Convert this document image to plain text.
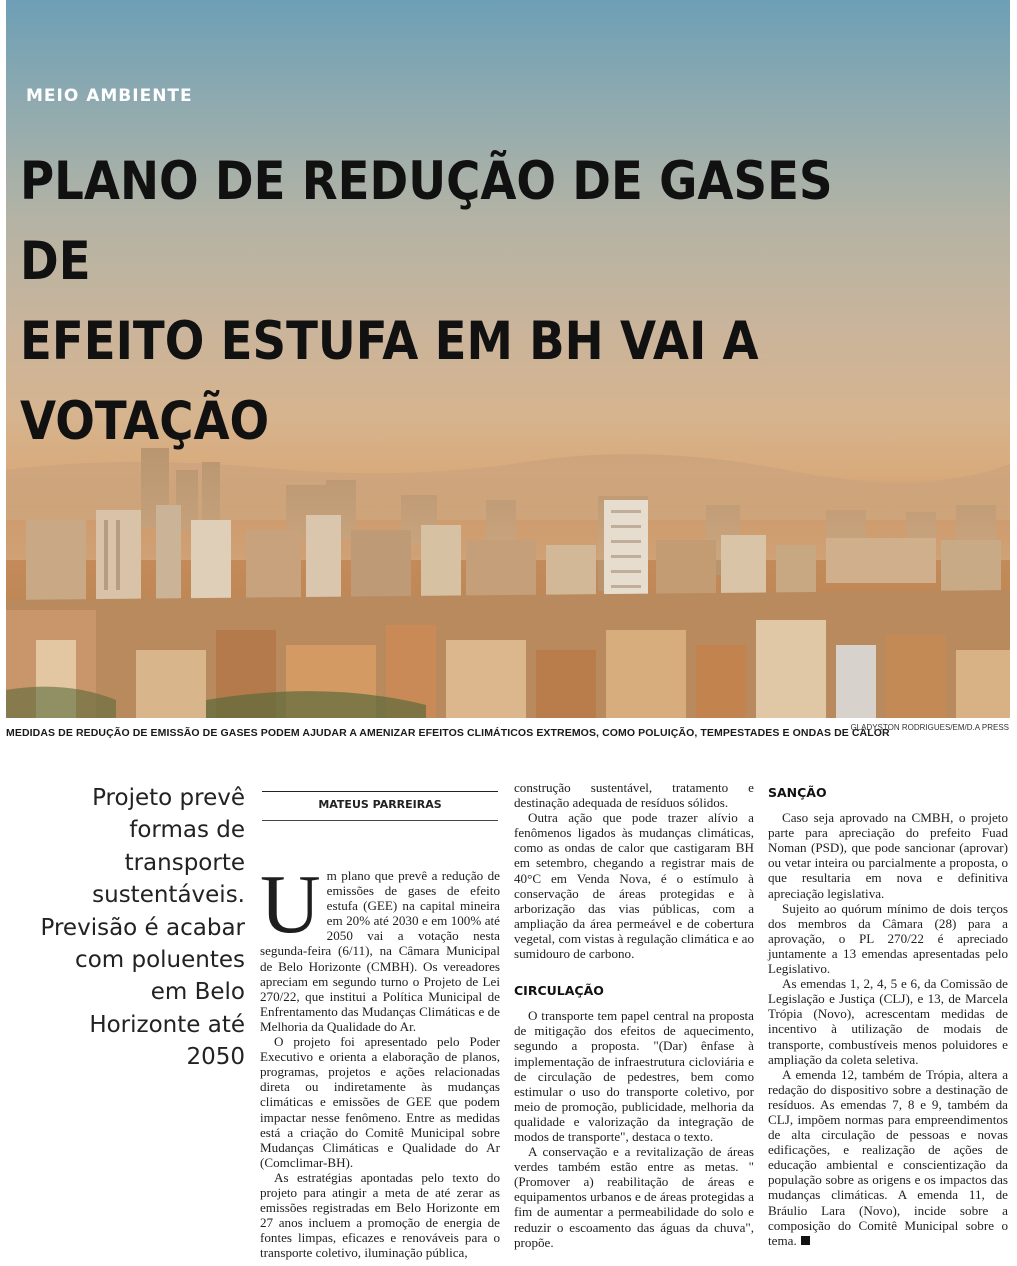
MEIO AMBIENTE
PLANO DE REDUÇÃO DE GASES DE
EFEITO ESTUFA EM BH VAI A VOTAÇÃO
MEDIDAS DE REDUÇÃO DE EMISSÃO DE GASES PODEM AJUDAR A AMENIZAR EFEITOS CLIMÁTICOS EXTREMOS, COMO POLUIÇÃO, TEMPESTADES E ONDAS DE CALOR
GLADYSTON RODRIGUES/EM/D.A PRESS
Projeto prevê formas de transporte sustentáveis. Previsão é acabar com poluentes em Belo Horizonte até 2050
MATEUS PARREIRAS

Um plano que prevê a redução de emissões de gases de efeito estufa (GEE) na capital mineira em 20% até 2030 e em 100% até 2050 vai a votação nesta segunda-feira (6/11), na Câmara Municipal de Belo Horizonte (CMBH). Os vereadores apreciam em segundo turno o Projeto de Lei 270/22, que institui a Política Municipal de Enfrentamento das Mudanças Climáticas e de Melhoria da Qualidade do Ar.

O projeto foi apresentado pelo Poder Executivo e orienta a elaboração de planos, programas, projetos e ações relacionadas direta ou indiretamente às mudanças climáticas e emissões de GEE que podem impactar nesse fenômeno. Entre as medidas está a criação do Comitê Municipal sobre Mudanças Climáticas e Qualidade do Ar (Comclimar-BH).

As estratégias apontadas pelo texto do projeto para atingir a meta de até zerar as emissões registradas em Belo Horizonte em 27 anos incluem a promoção de energia de fontes limpas, eficazes e renováveis para o transporte coletivo, iluminação pública,

construção sustentável, tratamento e destinação adequada de resíduos sólidos.

Outra ação que pode trazer alívio a fenômenos ligados às mudanças climáticas, como as ondas de calor que castigaram BH em setembro, chegando a registrar mais de 40°C em Venda Nova, é o estímulo à conservação de áreas protegidas e à arborização das vias públicas, com a ampliação da área permeável e de cobertura vegetal, com vistas à regulação climática e ao sumidouro de carbono.

CIRCULAÇÃO

O transporte tem papel central na proposta de mitigação dos efeitos de aquecimento, segundo a proposta. "(Dar) ênfase à implementação de infraestrutura cicloviária e de circulação de pedestres, bem como estimular o uso do transporte coletivo, por meio de promoção, publicidade, melhoria da qualidade e valorização da integração de modos de transporte", destaca o texto.

A conservação e a revitalização de áreas verdes também estão entre as metas. "(Promover a) reabilitação de áreas e equipamentos urbanos e de áreas protegidas a fim de aumentar a permeabilidade do solo e reduzir o escoamento das águas da chuva", propõe.

SANÇÃO

Caso seja aprovado na CMBH, o projeto parte para apreciação do prefeito Fuad Noman (PSD), que pode sancionar (aprovar) ou vetar inteira ou parcialmente a proposta, o que resultaria em nova e definitiva apreciação legislativa.

Sujeito ao quórum mínimo de dois terços dos membros da Câmara (28) para a aprovação, o PL 270/22 é apreciado juntamente a 13 emendas apresentadas pelo Legislativo.

As emendas 1, 2, 4, 5 e 6, da Comissão de Legislação e Justiça (CLJ), e 13, de Marcela Trópia (Novo), acrescentam medidas de incentivo à utilização de modais de transporte, combustíveis menos poluidores e ampliação da coleta seletiva.

A emenda 12, também de Trópia, altera a redação do dispositivo sobre a destinação de resíduos. As emendas 7, 8 e 9, também da CLJ, impõem normas para empreendimentos de alta circulação de pessoas e novas edificações, e realização de ações de educação ambiental e conscientização da população sobre as origens e os impactos das mudanças climáticas. A emenda 11, de Bráulio Lara (Novo), incide sobre a composição do Comitê Municipal sobre o tema.
